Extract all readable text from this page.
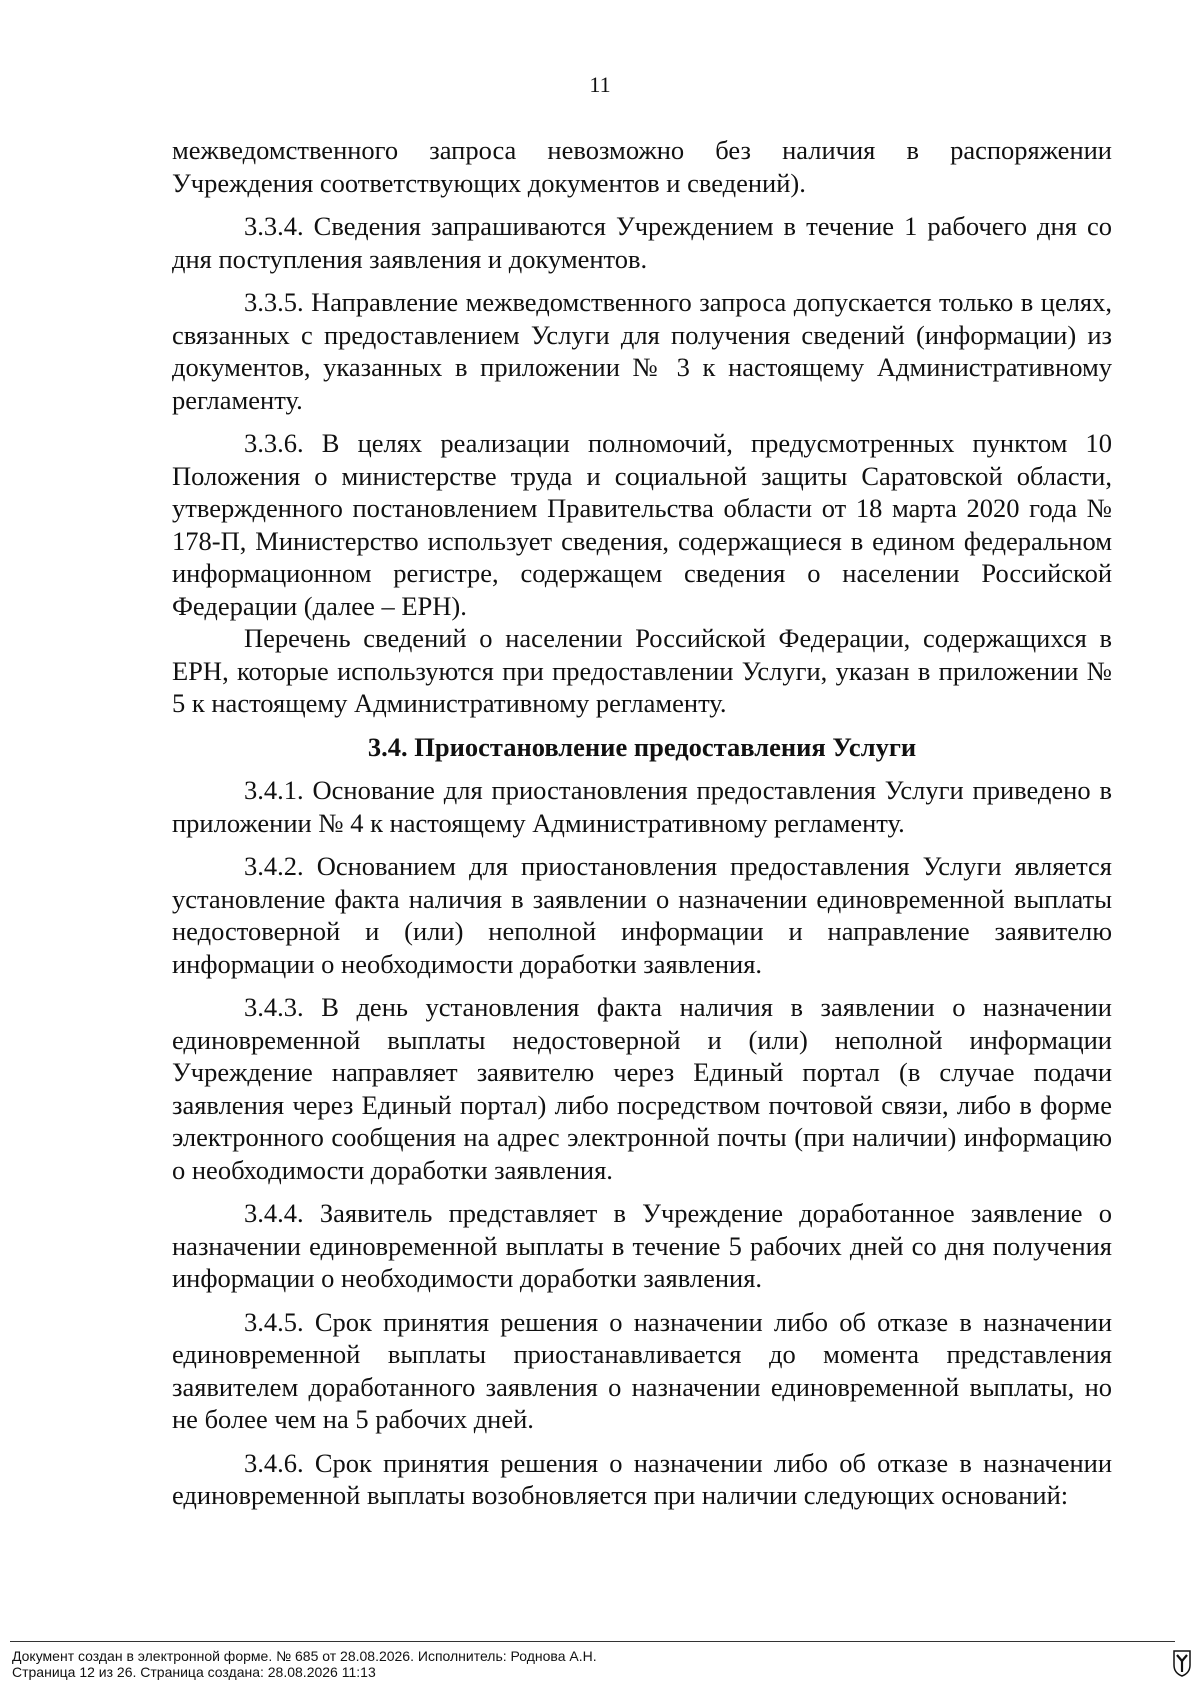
11

межведомственного запроса невозможно без наличия в распоряжении Учреждения соответствующих документов и сведений).

3.3.4. Сведения запрашиваются Учреждением в течение 1 рабочего дня со дня поступления заявления и документов.

3.3.5. Направление межведомственного запроса допускается только в целях, связанных с предоставлением Услуги для получения сведений (информации) из документов, указанных в приложении № 3 к настоящему Административному регламенту.

3.3.6. В целях реализации полномочий, предусмотренных пунктом 10 Положения о министерстве труда и социальной защиты Саратовской области, утвержденного постановлением Правительства области от 18 марта 2020 года № 178-П, Министерство использует сведения, содержащиеся в едином федеральном информационном регистре, содержащем сведения о населении Российской Федерации (далее – ЕРН).

Перечень сведений о населении Российской Федерации, содержащихся в ЕРН, которые используются при предоставлении Услуги, указан в приложении № 5 к настоящему Административному регламенту.

3.4. Приостановление предоставления Услуги

3.4.1. Основание для приостановления предоставления Услуги приведено в приложении № 4 к настоящему Административному регламенту.

3.4.2. Основанием для приостановления предоставления Услуги является установление факта наличия в заявлении о назначении единовременной выплаты недостоверной и (или) неполной информации и направление заявителю информации о необходимости доработки заявления.

3.4.3. В день установления факта наличия в заявлении о назначении единовременной выплаты недостоверной и (или) неполной информации Учреждение направляет заявителю через Единый портал (в случае подачи заявления через Единый портал) либо посредством почтовой связи, либо в форме электронного сообщения на адрес электронной почты (при наличии) информацию о необходимости доработки заявления.

3.4.4. Заявитель представляет в Учреждение доработанное заявление о назначении единовременной выплаты в течение 5 рабочих дней со дня получения информации о необходимости доработки заявления.

3.4.5. Срок принятия решения о назначении либо об отказе в назначении единовременной выплаты приостанавливается до момента представления заявителем доработанного заявления о назначении единовременной выплаты, но не более чем на 5 рабочих дней.

3.4.6. Срок принятия решения о назначении либо об отказе в назначении единовременной выплаты возобновляется при наличии следующих оснований:

Документ создан в электронной форме. № 685 от 28.08.2026. Исполнитель: Роднова А.Н.
Страница 12 из 26. Страница создана: 28.08.2026 11:13
